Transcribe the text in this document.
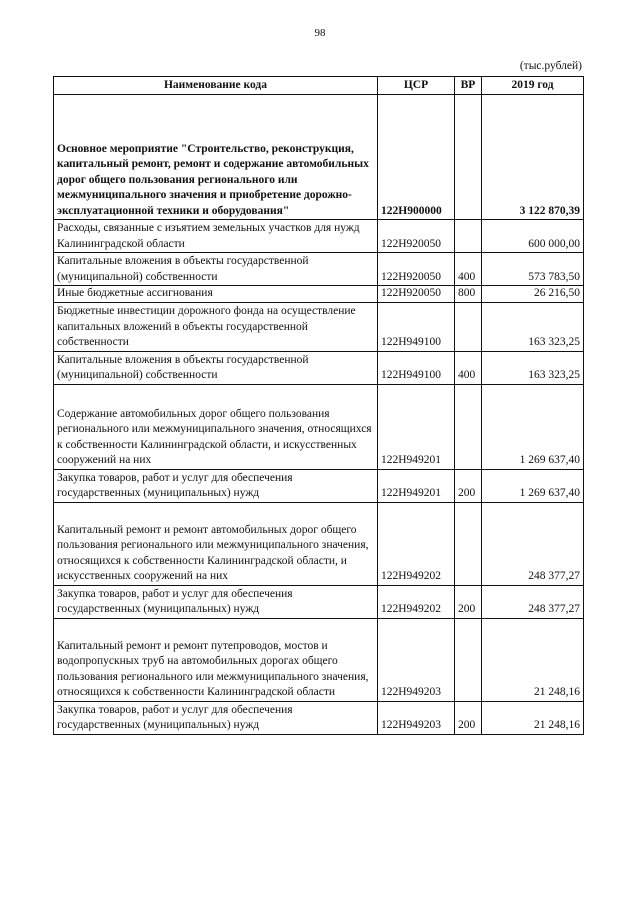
98
(тыс.рублей)
Наименование кода	ЦСР	ВР	2019 год
Основное мероприятие "Строительство, реконструкция, капитальный ремонт, ремонт и содержание автомобильных дорог общего пользования регионального или межмуниципального значения и приобретение дорожно-эксплуатационной техники и оборудования"	122Н900000		3 122 870,39
Расходы, связанные с изъятием земельных участков для нужд Калининградской области	122Н920050		600 000,00
Капитальные вложения в объекты государственной (муниципальной) собственности	122Н920050	400	573 783,50
Иные бюджетные ассигнования	122Н920050	800	26 216,50
Бюджетные инвестиции дорожного фонда на осуществление капитальных вложений в объекты государственной собственности	122Н949100		163 323,25
Капитальные вложения в объекты государственной (муниципальной) собственности	122Н949100	400	163 323,25
Содержание автомобильных дорог общего пользования регионального или межмуниципального значения, относящихся к собственности Калининградской области, и искусственных сооружений на них	122Н949201		1 269 637,40
Закупка товаров, работ и услуг для обеспечения государственных (муниципальных) нужд	122Н949201	200	1 269 637,40
Капитальный ремонт и ремонт автомобильных дорог общего пользования регионального или межмуниципального значения, относящихся к собственности Калининградской области, и искусственных сооружений на них	122Н949202		248 377,27
Закупка товаров, работ и услуг для обеспечения государственных (муниципальных) нужд	122Н949202	200	248 377,27
Капитальный ремонт и ремонт путепроводов, мостов и водопропускных труб на автомобильных дорогах общего пользования регионального или межмуниципального значения, относящихся к собственности Калининградской области	122Н949203		21 248,16
Закупка товаров, работ и услуг для обеспечения государственных (муниципальных) нужд	122Н949203	200	21 248,16
